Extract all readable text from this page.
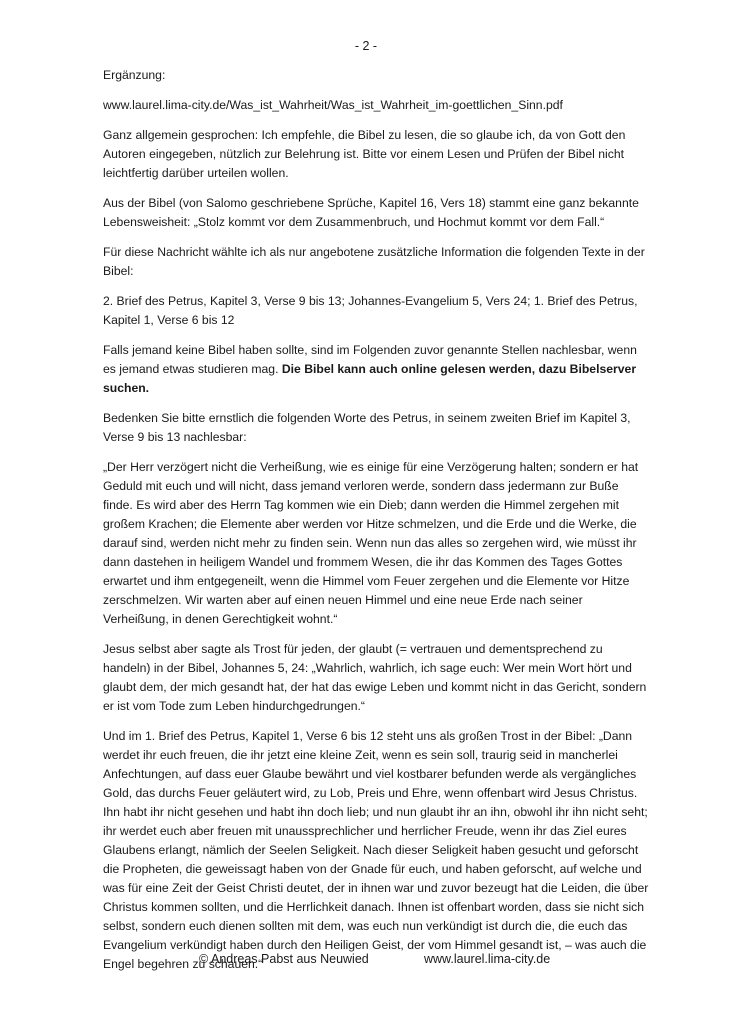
- 2 -

Ergänzung:

www.laurel.lima-city.de/Was_ist_Wahrheit/Was_ist_Wahrheit_im-goettlichen_Sinn.pdf

Ganz allgemein gesprochen: Ich empfehle, die Bibel zu lesen, die so glaube ich, da von Gott den Autoren eingegeben, nützlich zur Belehrung ist. Bitte vor einem Lesen und Prüfen der Bibel nicht leichtfertig darüber urteilen wollen.

Aus der Bibel (von Salomo geschriebene Sprüche, Kapitel 16, Vers 18) stammt eine ganz bekannte Lebensweisheit: „Stolz kommt vor dem Zusammenbruch, und Hochmut kommt vor dem Fall.“

Für diese Nachricht wählte ich als nur angebotene zusätzliche Information die folgenden Texte in der Bibel:

2. Brief des Petrus, Kapitel 3, Verse 9 bis 13; Johannes-Evangelium 5, Vers 24; 1. Brief des Petrus, Kapitel 1, Verse 6 bis 12

Falls jemand keine Bibel haben sollte, sind im Folgenden zuvor genannte Stellen nachlesbar, wenn es jemand etwas studieren mag. Die Bibel kann auch online gelesen werden, dazu Bibelserver suchen.

Bedenken Sie bitte ernstlich die folgenden Worte des Petrus, in seinem zweiten Brief im Kapitel 3, Verse 9 bis 13 nachlesbar:

„Der Herr verzögert nicht die Verheißung, wie es einige für eine Verzögerung halten; sondern er hat Geduld mit euch und will nicht, dass jemand verloren werde, sondern dass jedermann zur Buße finde. Es wird aber des Herrn Tag kommen wie ein Dieb; dann werden die Himmel zergehen mit großem Krachen; die Elemente aber werden vor Hitze schmelzen, und die Erde und die Werke, die darauf sind, werden nicht mehr zu finden sein. Wenn nun das alles so zergehen wird, wie müsst ihr dann dastehen in heiligem Wandel und frommem Wesen, die ihr das Kommen des Tages Gottes erwartet und ihm entgegeneilt, wenn die Himmel vom Feuer zergehen und die Elemente vor Hitze zerschmelzen. Wir warten aber auf einen neuen Himmel und eine neue Erde nach seiner Verheißung, in denen Gerechtigkeit wohnt.“

Jesus selbst aber sagte als Trost für jeden, der glaubt (= vertrauen und dementsprechend zu handeln) in der Bibel, Johannes 5, 24: „Wahrlich, wahrlich, ich sage euch: Wer mein Wort hört und glaubt dem, der mich gesandt hat, der hat das ewige Leben und kommt nicht in das Gericht, sondern er ist vom Tode zum Leben hindurchgedrungen.“

Und im 1. Brief des Petrus, Kapitel 1, Verse 6 bis 12 steht uns als großen Trost in der Bibel: „Dann werdet ihr euch freuen, die ihr jetzt eine kleine Zeit, wenn es sein soll, traurig seid in mancherlei Anfechtungen, auf dass euer Glaube bewährt und viel kostbarer befunden werde als vergängliches Gold, das durchs Feuer geläutert wird, zu Lob, Preis und Ehre, wenn offenbart wird Jesus Christus. Ihn habt ihr nicht gesehen und habt ihn doch lieb; und nun glaubt ihr an ihn, obwohl ihr ihn nicht seht; ihr werdet euch aber freuen mit unaussprechlicher und herrlicher Freude, wenn ihr das Ziel eures Glaubens erlangt, nämlich der Seelen Seligkeit. Nach dieser Seligkeit haben gesucht und geforscht die Propheten, die geweissagt haben von der Gnade für euch, und haben geforscht, auf welche und was für eine Zeit der Geist Christi deutet, der in ihnen war und zuvor bezeugt hat die Leiden, die über Christus kommen sollten, und die Herrlichkeit danach. Ihnen ist offenbart worden, dass sie nicht sich selbst, sondern euch dienen sollten mit dem, was euch nun verkündigt ist durch die, die euch das Evangelium verkündigt haben durch den Heiligen Geist, der vom Himmel gesandt ist, – was auch die Engel begehren zu schauen.“

© Andreas Pabst aus Neuwied	www.laurel.lima-city.de
